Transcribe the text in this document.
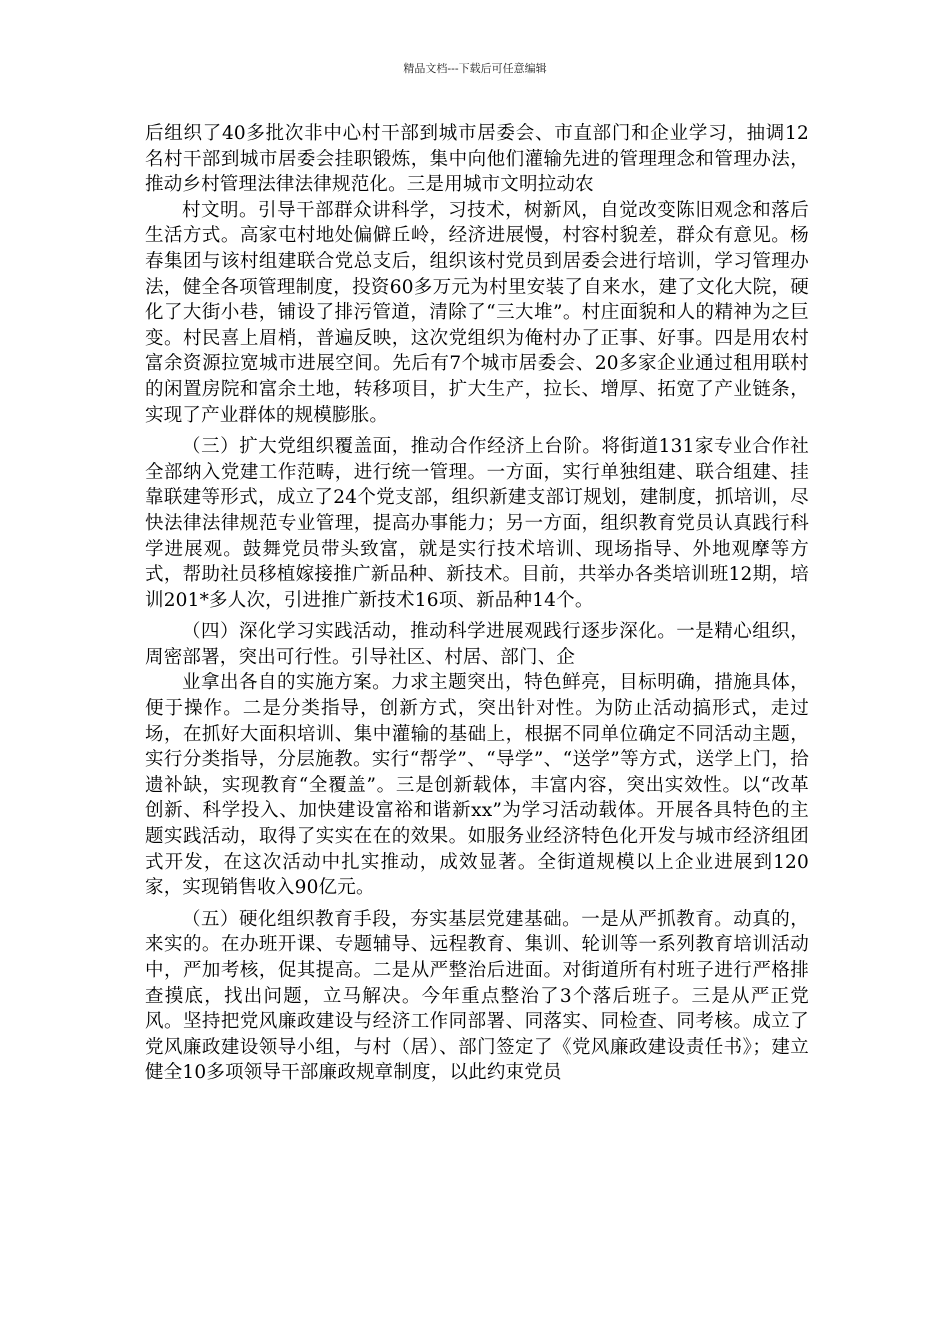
精品文档---下载后可任意编辑

后组织了40多批次非中心村干部到城市居委会、市直部门和企业学习，抽调12名村干部到城市居委会挂职锻炼，集中向他们灌输先进的管理理念和管理办法，推动乡村管理法律法律规范化。三是用城市文明拉动农

村文明。引导干部群众讲科学，习技术，树新风，自觉改变陈旧观念和落后生活方式。高家屯村地处偏僻丘岭，经济进展慢，村容村貌差，群众有意见。杨春集团与该村组建联合党总支后，组织该村党员到居委会进行培训，学习管理办法，健全各项管理制度，投资60多万元为村里安装了自来水，建了文化大院，硬化了大街小巷，铺设了排污管道，清除了“三大堆”。村庄面貌和人的精神为之巨变。村民喜上眉梢，普遍反映，这次党组织为俺村办了正事、好事。四是用农村富余资源拉宽城市进展空间。先后有7个城市居委会、20多家企业通过租用联村的闲置房院和富余土地，转移项目，扩大生产，拉长、增厚、拓宽了产业链条，实现了产业群体的规模膨胀。

（三）扩大党组织覆盖面，推动合作经济上台阶。将街道131家专业合作社全部纳入党建工作范畴，进行统一管理。一方面，实行单独组建、联合组建、挂靠联建等形式，成立了24个党支部，组织新建支部订规划，建制度，抓培训，尽快法律法律规范专业管理，提高办事能力；另一方面，组织教育党员认真践行科学进展观。鼓舞党员带头致富，就是实行技术培训、现场指导、外地观摩等方式，帮助社员移植嫁接推广新品种、新技术。目前，共举办各类培训班12期，培训201*多人次，引进推广新技术16项、新品种14个。

（四）深化学习实践活动，推动科学进展观践行逐步深化。一是精心组织，周密部署，突出可行性。引导社区、村居、部门、企

业拿出各自的实施方案。力求主题突出，特色鲜亮，目标明确，措施具体，便于操作。二是分类指导，创新方式，突出针对性。为防止活动搞形式，走过场，在抓好大面积培训、集中灌输的基础上，根据不同单位确定不同活动主题，实行分类指导，分层施教。实行“帮学”、“导学”、“送学”等方式，送学上门，拾遗补缺，实现教育“全覆盖”。三是创新载体，丰富内容，突出实效性。以“改革创新、科学投入、加快建设富裕和谐新xx”为学习活动载体。开展各具特色的主题实践活动，取得了实实在在的效果。如服务业经济特色化开发与城市经济组团式开发，在这次活动中扎实推动，成效显著。全街道规模以上企业进展到120家，实现销售收入90亿元。

（五）硬化组织教育手段，夯实基层党建基础。一是从严抓教育。动真的，来实的。在办班开课、专题辅导、远程教育、集训、轮训等一系列教育培训活动中，严加考核，促其提高。二是从严整治后进面。对街道所有村班子进行严格排查摸底，找出问题，立马解决。今年重点整治了3个落后班子。三是从严正党风。坚持把党风廉政建设与经济工作同部署、同落实、同检查、同考核。成立了党风廉政建设领导小组，与村（居）、部门签定了《党风廉政建设责任书》；建立健全10多项领导干部廉政规章制度，以此约束党员
